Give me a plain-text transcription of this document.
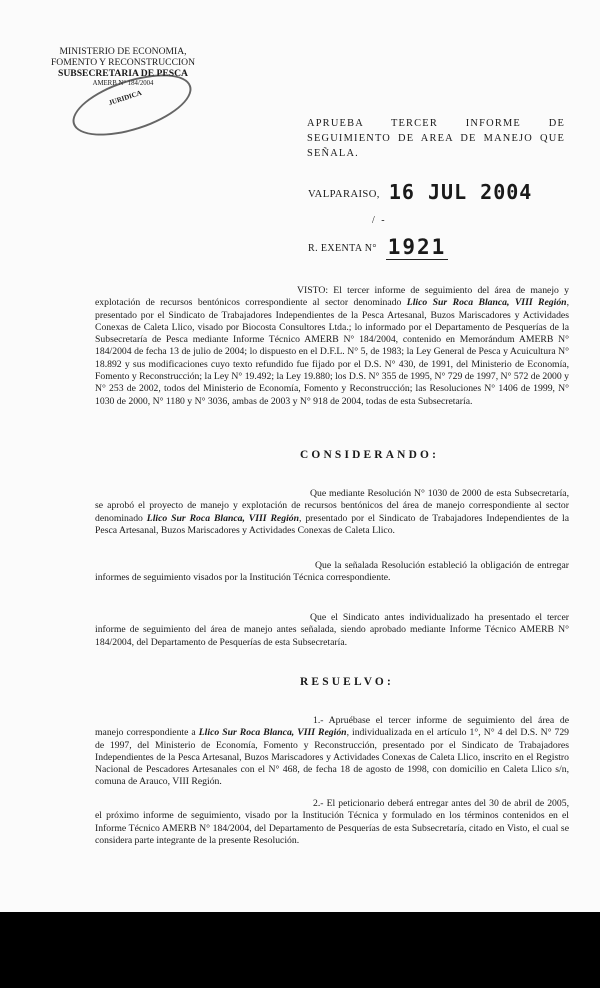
MINISTERIO DE ECONOMIA,
FOMENTO Y RECONSTRUCCION
SUBSECRETARIA DE PESCA
AMERB N° 184/2004
JURIDICA
APRUEBA TERCER INFORME DE SEGUIMIENTO DE AREA DE MANEJO QUE SEÑALA.
VALPARAISO, 16 JUL 2004
/ -
R. EXENTA N° 1921
VISTO: El tercer informe de seguimiento del área de manejo y explotación de recursos bentónicos correspondiente al sector denominado Llico Sur Roca Blanca, VIII Región, presentado por el Sindicato de Trabajadores Independientes de la Pesca Artesanal, Buzos Mariscadores y Actividades Conexas de Caleta Llico, visado por Biocosta Consultores Ltda.; lo informado por el Departamento de Pesquerías de la Subsecretaría de Pesca mediante Informe Técnico AMERB N° 184/2004, contenido en Memorándum AMERB N° 184/2004 de fecha 13 de julio de 2004; lo dispuesto en el D.F.L. N° 5, de 1983; la Ley General de Pesca y Acuicultura N° 18.892 y sus modificaciones cuyo texto refundido fue fijado por el D.S. N° 430, de 1991, del Ministerio de Economía, Fomento y Reconstrucción; la Ley N° 19.492; la Ley 19.880; los D.S. N° 355 de 1995, N° 729 de 1997, N° 572 de 2000 y N° 253 de 2002, todos del Ministerio de Economía, Fomento y Reconstrucción; las Resoluciones N° 1406 de 1999, N° 1030 de 2000, N° 1180 y N° 3036, ambas de 2003 y N° 918 de 2004, todas de esta Subsecretaría.
CONSIDERANDO:
Que mediante Resolución N° 1030 de 2000 de esta Subsecretaría, se aprobó el proyecto de manejo y explotación de recursos bentónicos del área de manejo correspondiente al sector denominado Llico Sur Roca Blanca, VIII Región, presentado por el Sindicato de Trabajadores Independientes de la Pesca Artesanal, Buzos Mariscadores y Actividades Conexas de Caleta Llico.
Que la señalada Resolución estableció la obligación de entregar informes de seguimiento visados por la Institución Técnica correspondiente.
Que el Sindicato antes individualizado ha presentado el tercer informe de seguimiento del área de manejo antes señalada, siendo aprobado mediante Informe Técnico AMERB N° 184/2004, del Departamento de Pesquerías de esta Subsecretaría.
RESUELVO:
1.- Apruébase el tercer informe de seguimiento del área de manejo correspondiente a Llico Sur Roca Blanca, VIII Región, individualizada en el artículo 1°, N° 4 del D.S. N° 729 de 1997, del Ministerio de Economía, Fomento y Reconstrucción, presentado por el Sindicato de Trabajadores Independientes de la Pesca Artesanal, Buzos Mariscadores y Actividades Conexas de Caleta Llico, inscrito en el Registro Nacional de Pescadores Artesanales con el N° 468, de fecha 18 de agosto de 1998, con domicilio en Caleta Llico s/n, comuna de Arauco, VIII Región.
2.- El peticionario deberá entregar antes del 30 de abril de 2005, el próximo informe de seguimiento, visado por la Institución Técnica y formulado en los términos contenidos en el Informe Técnico AMERB N° 184/2004, del Departamento de Pesquerías de esta Subsecretaría, citado en Visto, el cual se considera parte integrante de la presente Resolución.
